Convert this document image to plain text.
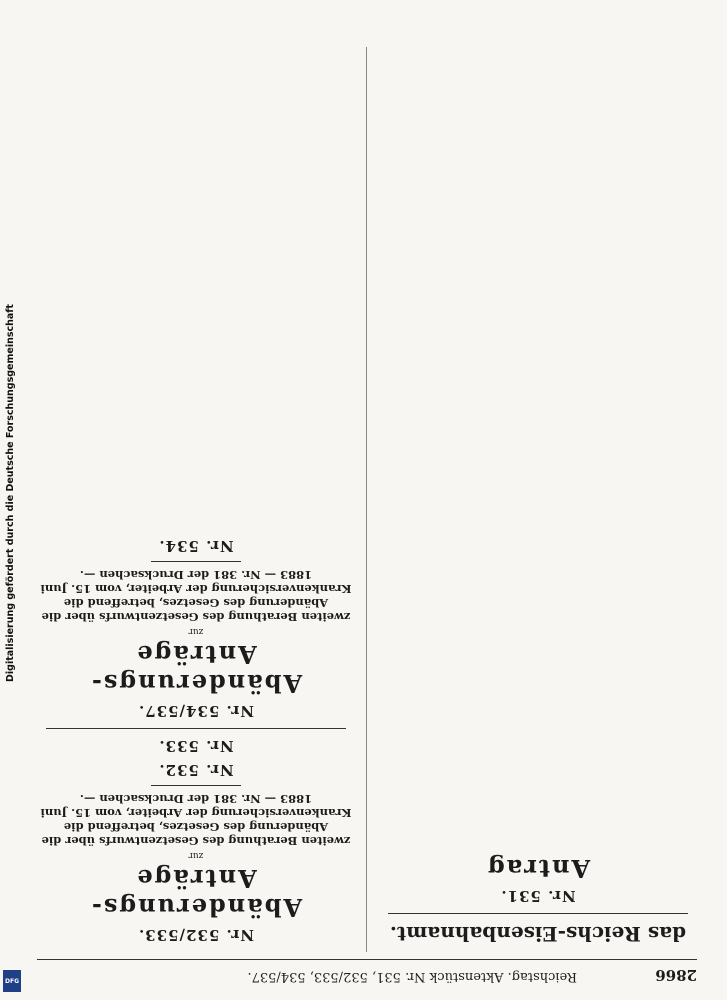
2866
Reichstag. Aktenstück Nr. 531, 532/533, 534/537.

das Reichs-Eisenbahnamt.
Nr. 531.
Antrag

Nr. 532/533.
Abänderungs-Anträge
zur
zweiten Berathung des Gesetzentwurfs über die Abänderung des Gesetzes, betreffend die Krankenversicherung der Arbeiter, vom 15. Juni 1883 — Nr. 381 der Drucksachen —.
Nr. 532.

Nr. 533.

Nr. 534/537.
Abänderungs-Anträge
zur
zweiten Berathung des Gesetzentwurfs über die Abänderung des Gesetzes, betreffend die Krankenversicherung der Arbeiter, vom 15. Juni 1883 — Nr. 381 der Drucksachen —.
Nr. 534.

Digitalisierung gefördert durch die Deutsche Forschungsgemeinschaft
DFG
